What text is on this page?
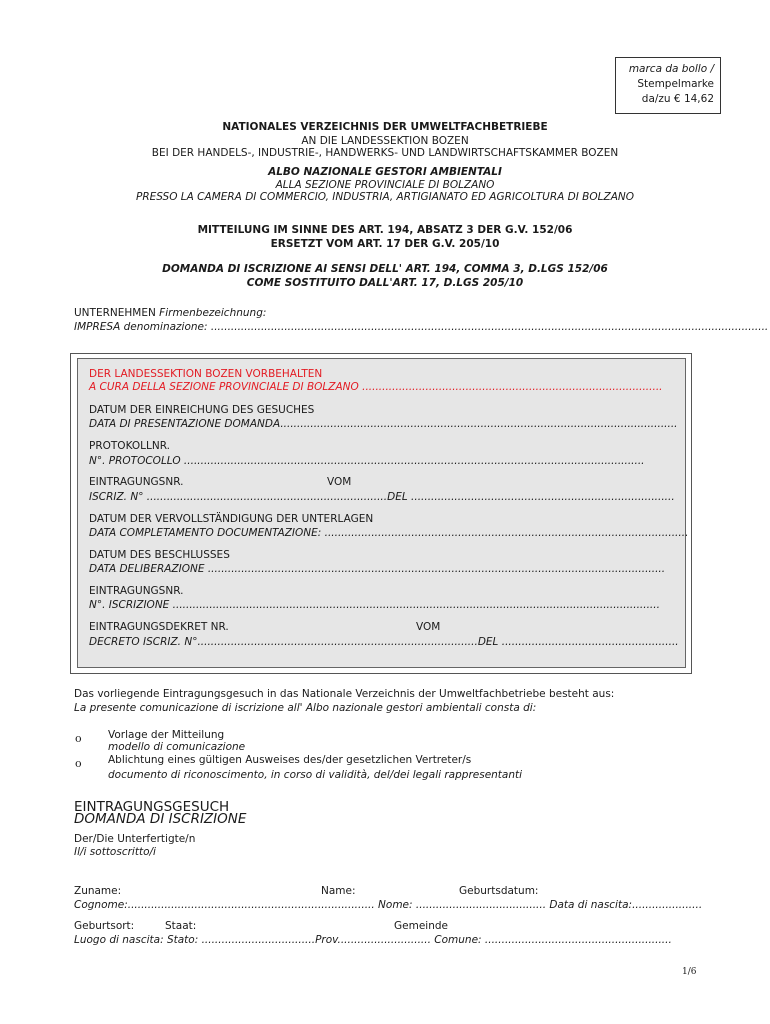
marca da bollo /
Stempelmarke
da/zu € 14,62
NATIONALES VERZEICHNIS DER UMWELTFACHBETRIEBE
AN DIE LANDESSEKTION BOZEN
BEI DER HANDELS-, INDUSTRIE-, HANDWERKS- UND LANDWIRTSCHAFTSKAMMER BOZEN
ALBO NAZIONALE GESTORI AMBIENTALI
ALLA SEZIONE PROVINCIALE DI BOLZANO
PRESSO LA CAMERA DI COMMERCIO, INDUSTRIA, ARTIGIANATO ED AGRICOLTURA DI BOLZANO
MITTEILUNG IM SINNE DES ART. 194, ABSATZ 3 DER G.V. 152/06
ERSETZT VOM ART. 17 DER G.V. 205/10
DOMANDA DI ISCRIZIONE AI SENSI DELL' ART. 194, COMMA 3, D.LGS 152/06
COME SOSTITUITO DALL'ART. 17, D.LGS 205/10
UNTERNEHMEN Firmenbezeichnung:
IMPRESA denominazione: .......................................................................................................................................................................
DER LANDESSEKTION BOZEN VORBEHALTEN
A CURA DELLA SEZIONE PROVINCIALE DI BOLZANO ..........................................................................................
DATUM DER EINREICHUNG DES GESUCHES
DATA DI PRESENTAZIONE DOMANDA.......................................................................................................................
PROTOKOLLNR.
N°. PROTOCOLLO ..........................................................................................................................................
EINTRAGUNGSNR.	VOM
ISCRIZ. N° ........................................................................DEL ...............................................................................
DATUM DER VERVOLLSTÄNDIGUNG DER UNTERLAGEN
DATA COMPLETAMENTO DOCUMENTAZIONE: .............................................................................................................
DATUM DES BESCHLUSSES
DATA DELIBERAZIONE .........................................................................................................................................
EINTRAGUNGSNR.
N°. ISCRIZIONE ..................................................................................................................................................
EINTRAGUNGSDEKRET NR.	VOM
DECRETO ISCRIZ. N°....................................................................................DEL .....................................................
Das vorliegende Eintragungsgesuch in das Nationale Verzeichnis der Umweltfachbetriebe besteht aus:
La presente comunicazione di iscrizione all' Albo nazionale gestori ambientali consta di:
o	Vorlage der Mitteilung
modello di comunicazione
o	Ablichtung eines gültigen Ausweises des/der gesetzlichen Vertreter/s
documento di riconoscimento, in corso di validità, del/dei legali rappresentanti
EINTRAGUNGSGESUCH
DOMANDA DI ISCRIZIONE
Der/Die Unterfertigte/n
Il/i sottoscritto/i
Zuname:	Name:	Geburtsdatum:
Cognome:.......................................................................... Nome: ....................................... Data di nascita:.....................
Geburtsort:	Staat:	Gemeinde
Luogo di nascita: Stato: ..................................Prov............................ Comune: ........................................................
1/6
